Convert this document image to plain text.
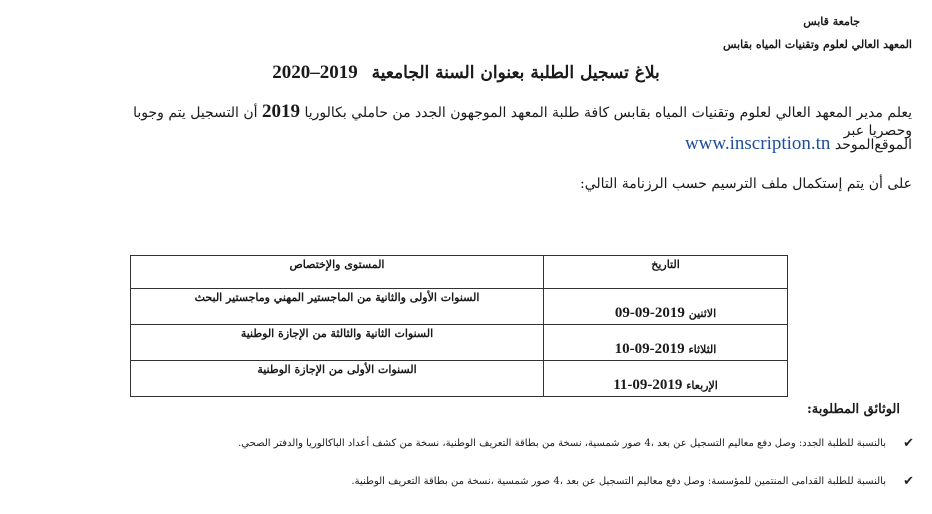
جامعة قابس
المعهد العالي لعلوم وتقنيات المياه بقابس
بلاغ تسجيل الطلبة بعنوان السنة الجامعية 2019–2020
يعلم مدير المعهد العالي لعلوم وتقنيات المياه بقابس كافة طلبة المعهد الموجهون الجدد من حاملي بكالوريا 2019 أن التسجيل يتم وجوبا وحصريا عبر
الموقع‌الموحد www.inscription.tn
على أن يتم إستكمال ملف الترسيم حسب الرزنامة التالي:
التاريخ	المستوى والإختصاص

الاثنين 09-09-2019	السنوات الأولى والثانية من الماجستير المهني وماجستير البحث

الثلاثاء 10-09-2019	السنوات الثانية والثالثة من الإجازة الوطنية

الإربعاء 11-09-2019	السنوات الأولى من الإجازة الوطنية
الوثائق المطلوبة:
✔
بالنسبة للطلبة الجدد: وصل دفع معاليم التسجيل عن بعد ،4 صور شمسية، نسخة من بطاقة التعريف الوطنية، نسخة من كشف أعداد الباكالوريا والدفتر الصحي.
✔
بالنسبة للطلبة القدامى المنتمين للمؤسسة: وصل دفع معاليم التسجيل عن بعد ،4 صور شمسية ،نسخة من بطاقة التعريف الوطنية.
